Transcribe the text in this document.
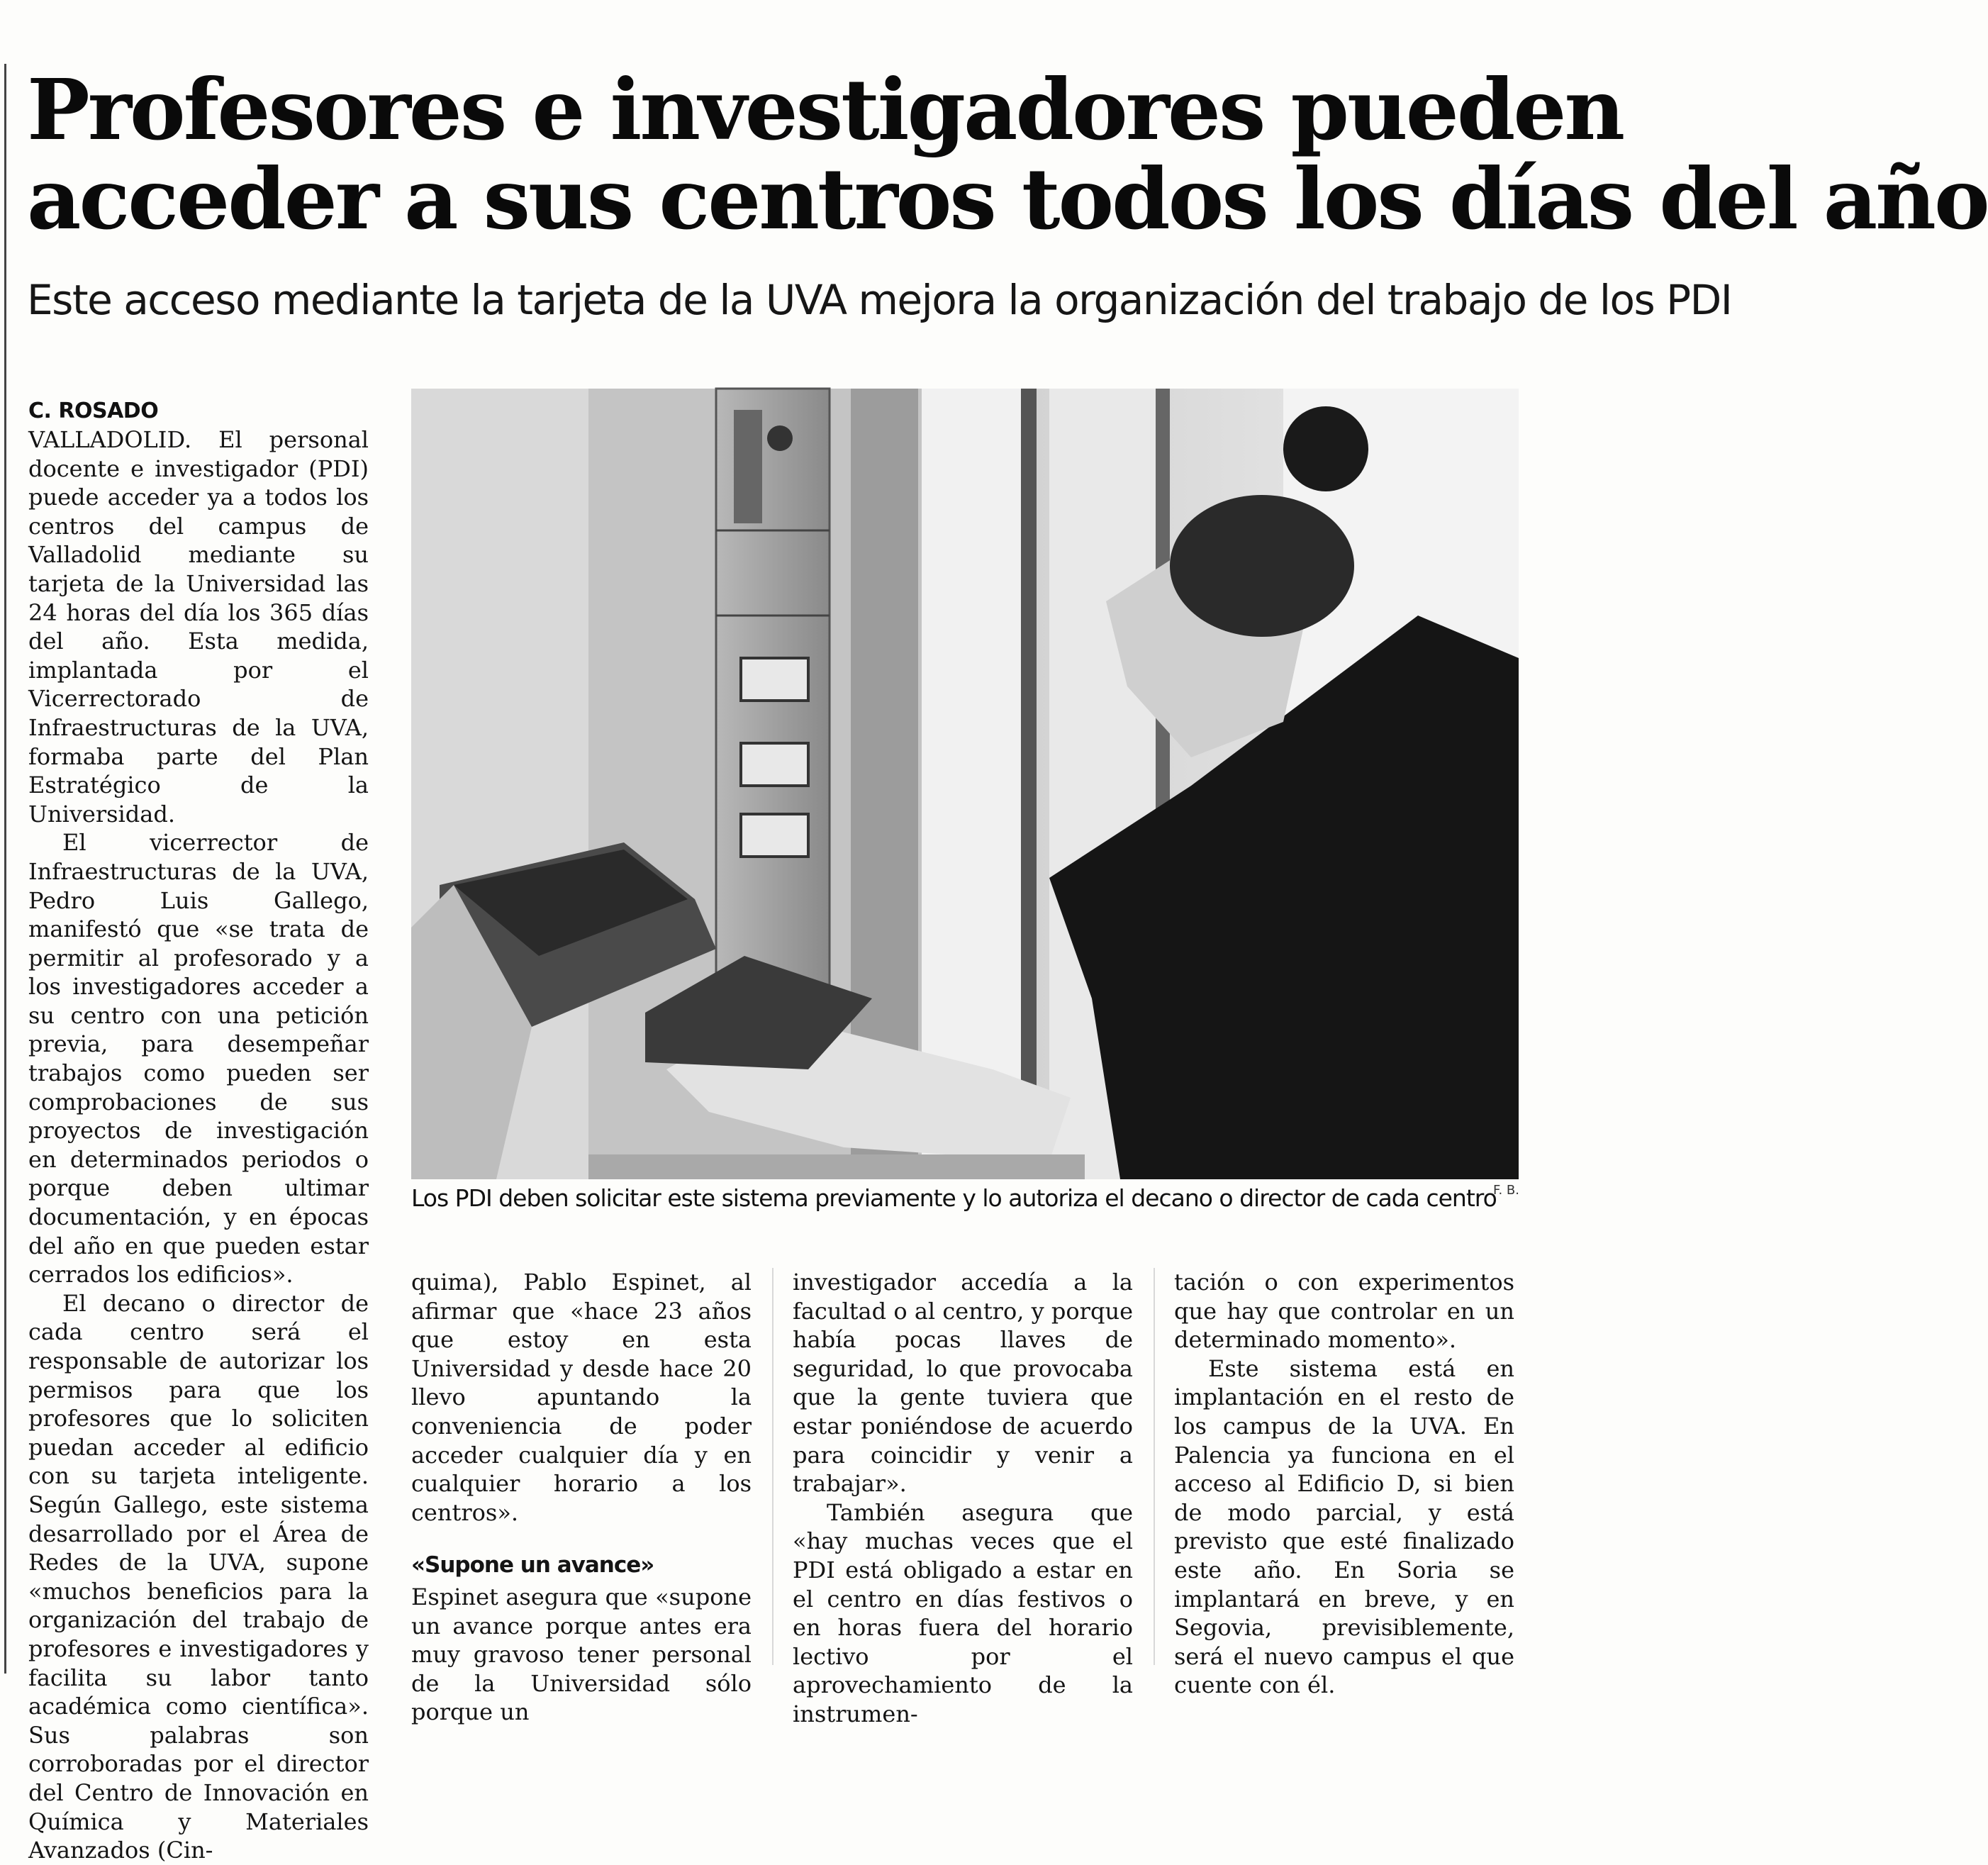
Profesores e investigadores pueden
acceder a sus centros todos los días del año
Este acceso mediante la tarjeta de la UVA mejora la organización del trabajo de los PDI
C. ROSADO

VALLADOLID. El personal docente e investigador (PDI) puede acceder ya a todos los centros del campus de Valladolid mediante su tarjeta de la Universidad las 24 horas del día los 365 días del año. Esta medida, implantada por el Vicerrectorado de Infraestructuras de la UVA, formaba parte del Plan Estratégico de la Universidad.

El vicerrector de Infraestructuras de la UVA, Pedro Luis Gallego, manifestó que «se trata de permitir al profesorado y a los investigadores acceder a su centro con una petición previa, para desempeñar trabajos como pueden ser comprobaciones de sus proyectos de investigación en determinados periodos o porque deben ultimar documentación, y en épocas del año en que pueden estar cerrados los edificios».

El decano o director de cada centro será el responsable de autorizar los permisos para que los profesores que lo soliciten puedan acceder al edificio con su tarjeta inteligente. Según Gallego, este sistema desarrollado por el Área de Redes de la UVA, supone «muchos beneficios para la organización del trabajo de profesores e investigadores y facilita su labor tanto académica como científica». Sus palabras son corroboradas por el director del Centro de Innovación en Química y Materiales Avanzados (Cin-

Los PDI deben solicitar este sistema previamente y lo autoriza el decano o director de cada centro
F. B.

quima), Pablo Espinet, al afirmar que «hace 23 años que estoy en esta Universidad y desde hace 20 llevo apuntando la conveniencia de poder acceder cualquier día y en cualquier horario a los centros».

«Supone un avance»

Espinet asegura que «supone un avance porque antes era muy gravoso tener personal de la Universidad sólo porque un

investigador accedía a la facultad o al centro, y porque había pocas llaves de seguridad, lo que provocaba que la gente tuviera que estar poniéndose de acuerdo para coincidir y venir a trabajar».

También asegura que «hay muchas veces que el PDI está obligado a estar en el centro en días festivos o en horas fuera del horario lectivo por el aprovechamiento de la instrumen-

tación o con experimentos que hay que controlar en un determinado momento».

Este sistema está en implantación en el resto de los campus de la UVA. En Palencia ya funciona en el acceso al Edificio D, si bien de modo parcial, y está previsto que esté finalizado este año. En Soria se implantará en breve, y en Segovia, previsiblemente, será el nuevo campus el que cuente con él.
